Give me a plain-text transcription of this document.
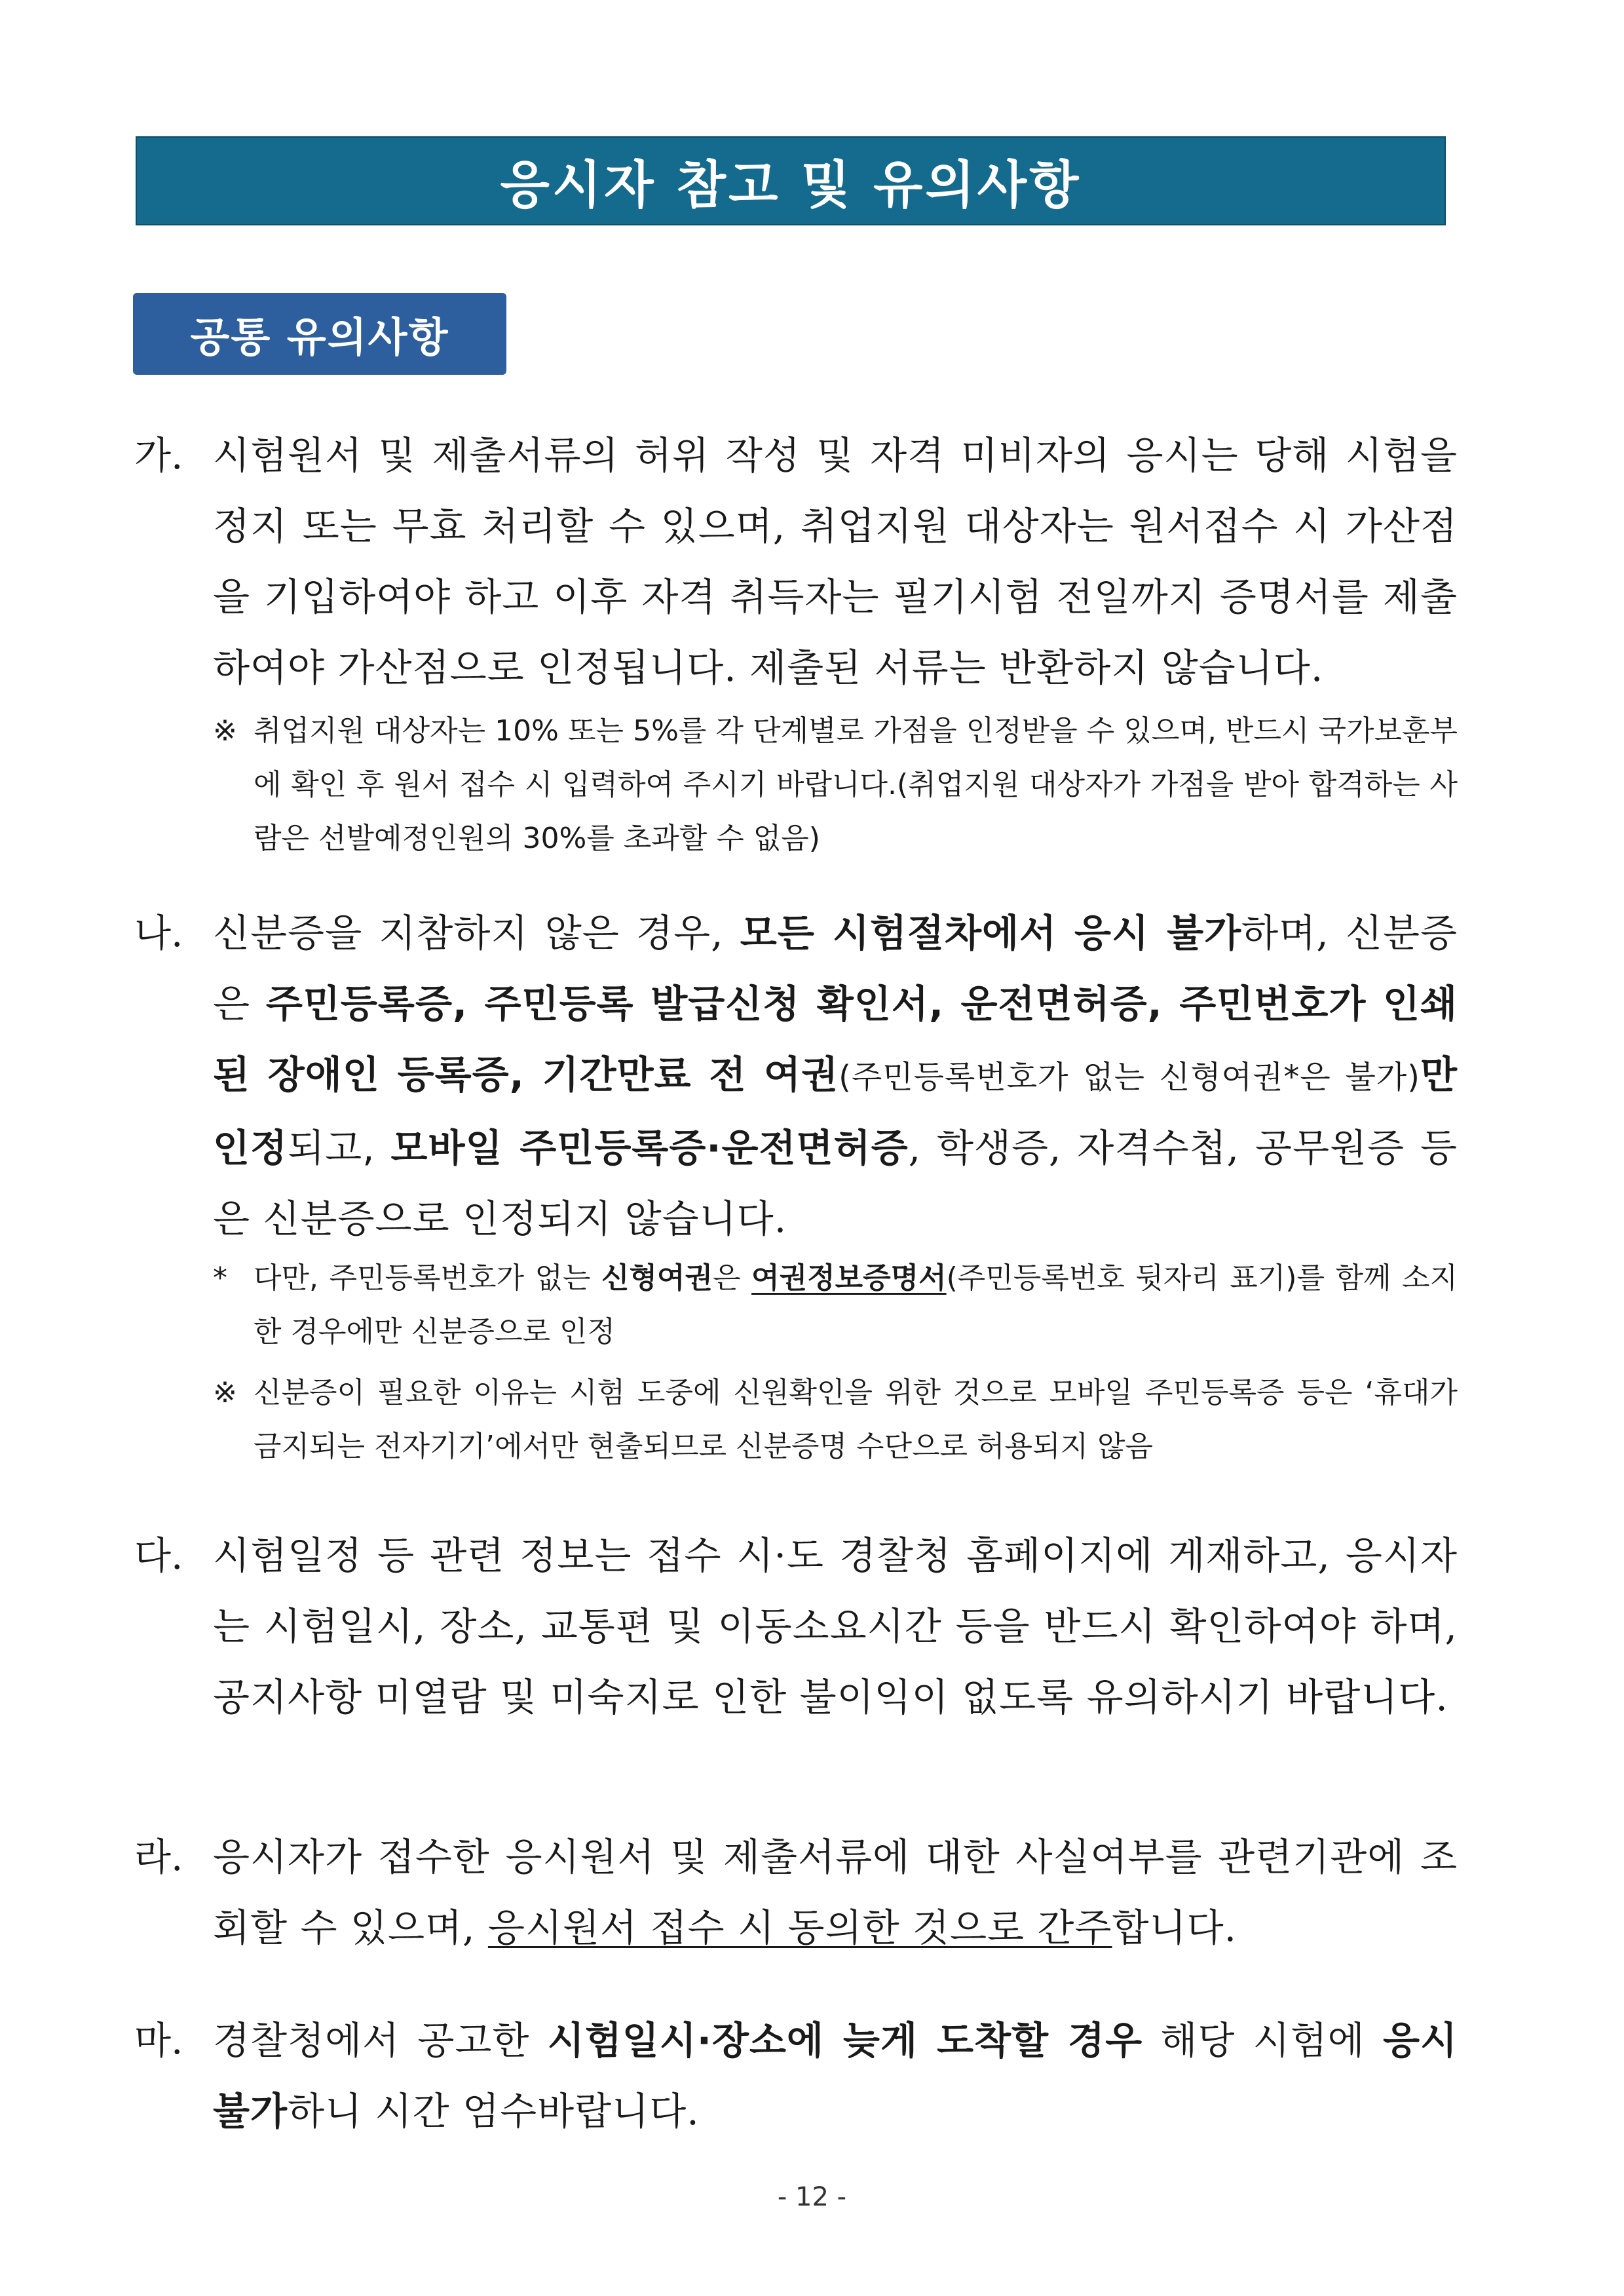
응시자 참고 및 유의사항
공통 유의사항
가. 시험원서 및 제출서류의 허위 작성 및 자격 미비자의 응시는 당해 시험을 정지 또는 무효 처리할 수 있으며, 취업지원 대상자는 원서접수 시 가산점을 기입하여야 하고 이후 자격 취득자는 필기시험 전일까지 증명서를 제출하여야 가산점으로 인정됩니다. 제출된 서류는 반환하지 않습니다.
※ 취업지원 대상자는 10% 또는 5%를 각 단계별로 가점을 인정받을 수 있으며, 반드시 국가보훈부에 확인 후 원서 접수 시 입력하여 주시기 바랍니다.(취업지원 대상자가 가점을 받아 합격하는 사람은 선발예정인원의 30%를 초과할 수 없음)
나. 신분증을 지참하지 않은 경우, 모든 시험절차에서 응시 불가하며, 신분증은 주민등록증, 주민등록 발급신청 확인서, 운전면허증, 주민번호가 인쇄된 장애인 등록증, 기간만료 전 여권(주민등록번호가 없는 신형여권*은 불가)만 인정되고, 모바일 주민등록증·운전면허증, 학생증, 자격수첩, 공무원증 등은 신분증으로 인정되지 않습니다.
* 다만, 주민등록번호가 없는 신형여권은 여권정보증명서(주민등록번호 뒷자리 표기)를 함께 소지한 경우에만 신분증으로 인정
※ 신분증이 필요한 이유는 시험 도중에 신원확인을 위한 것으로 모바일 주민등록증 등은 ‘휴대가 금지되는 전자기기’에서만 현출되므로 신분증명 수단으로 허용되지 않음
다. 시험일정 등 관련 정보는 접수 시·도 경찰청 홈페이지에 게재하고, 응시자는 시험일시, 장소, 교통편 및 이동소요시간 등을 반드시 확인하여야 하며, 공지사항 미열람 및 미숙지로 인한 불이익이 없도록 유의하시기 바랍니다.
라. 응시자가 접수한 응시원서 및 제출서류에 대한 사실여부를 관련기관에 조회할 수 있으며, 응시원서 접수 시 동의한 것으로 간주합니다.
마. 경찰청에서 공고한 시험일시·장소에 늦게 도착할 경우 해당 시험에 응시 불가하니 시간 엄수바랍니다.
- 12 -
